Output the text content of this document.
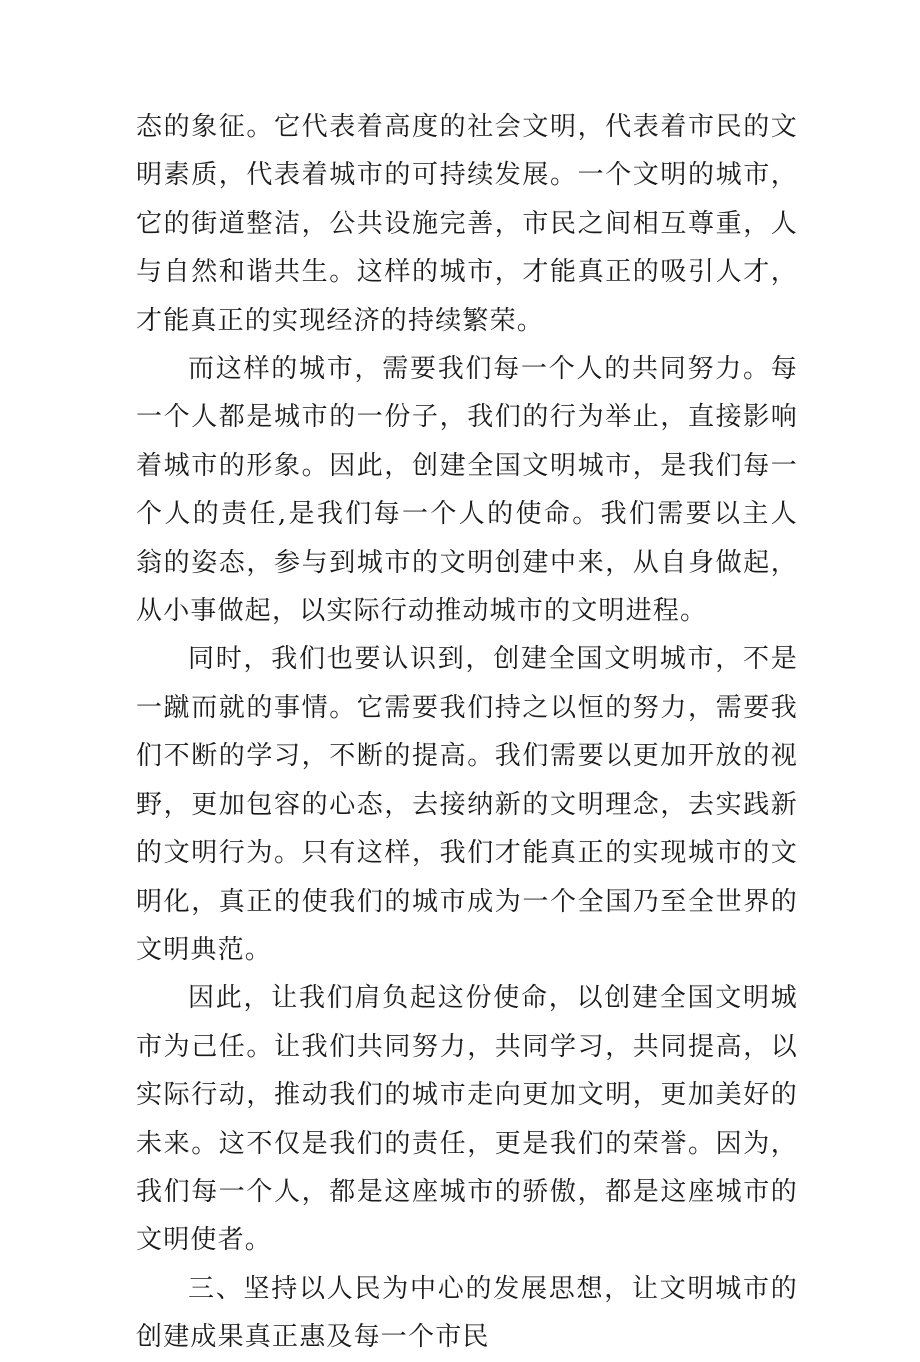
态的象征。它代表着高度的社会文明，代表着市民的文明素质，代表着城市的可持续发展。一个文明的城市，它的街道整洁，公共设施完善，市民之间相互尊重，人与自然和谐共生。这样的城市，才能真正的吸引人才，才能真正的实现经济的持续繁荣。

而这样的城市，需要我们每一个人的共同努力。每一个人都是城市的一份子，我们的行为举止，直接影响着城市的形象。因此，创建全国文明城市，是我们每一个人的责任,是我们每一个人的使命。我们需要以主人翁的姿态，参与到城市的文明创建中来，从自身做起，从小事做起，以实际行动推动城市的文明进程。

同时，我们也要认识到，创建全国文明城市，不是一蹴而就的事情。它需要我们持之以恒的努力，需要我们不断的学习，不断的提高。我们需要以更加开放的视野，更加包容的心态，去接纳新的文明理念，去实践新的文明行为。只有这样，我们才能真正的实现城市的文明化，真正的使我们的城市成为一个全国乃至全世界的文明典范。

因此，让我们肩负起这份使命，以创建全国文明城市为己任。让我们共同努力，共同学习，共同提高，以实际行动，推动我们的城市走向更加文明，更加美好的未来。这不仅是我们的责任，更是我们的荣誉。因为，我们每一个人，都是这座城市的骄傲，都是这座城市的文明使者。

三、坚持以人民为中心的发展思想，让文明城市的创建成果真正惠及每一个市民
